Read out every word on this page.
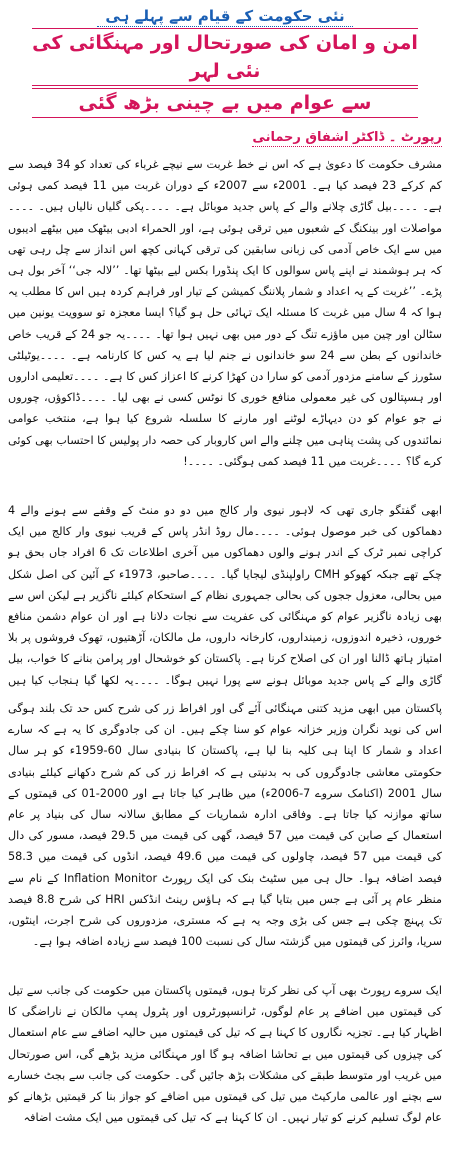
نئی حکومت کے قیام سے پہلے ہی
امن و امان کی صورتحال اور مہنگائی کی نئی لہر
سے عوام میں بے چینی بڑھ گئی
رپورٹ ۔ ڈاکٹر اشفاق رحمانی

مشرف حکومت کا دعویٰ ہے کہ اس نے خط غربت سے نیچے غرباء کی تعداد کو 34 فیصد سے کم کرکے 23 فیصد کیا ہے۔ 2001ء سے 2007ء کے دوران غربت میں 11 فیصد کمی ہوئی ہے۔ ۔۔۔۔بیل گاڑی چلانے والے کے پاس جدید موبائل ہے۔ ۔۔۔۔پکی گلیاں نالیاں ہیں۔ ۔۔۔۔مواصلات اور بینکنگ کے شعبوں میں ترقی ہوئی ہے، اور الحمراء ادبی بیٹھک میں بیٹھے ادیبوں میں سے ایک خاص آدمی کی زبانی سابقین کی ترقی کہانی کچھ اس انداز سے چل رہی تھی کہ ہر ہوشمند نے اپنے پاس سوالوں کا ایک پنڈورا بکس لیے بیٹھا تھا۔ ’’لالہ جی‘‘ آخر بول ہی پڑے۔ ’’غربت کے یہ اعداد و شمار پلاننگ کمیشن کے تیار اور فراہم کردہ ہیں اس کا مطلب یہ ہوا کہ 4 سال میں غربت کا مسئلہ ایک تہائی حل ہو گیا؟ ایسا معجزہ تو سوویت یونین میں سٹالن اور چین میں ماؤزے تنگ کے دور میں بھی نہیں ہوا تھا۔ ۔۔۔۔یہ جو 24 کے قریب خاص خاندانوں کے بطن سے 24 سو خاندانوں نے جنم لیا ہے یہ کس کا کارنامہ ہے۔ ۔۔۔۔یوٹیلٹی سٹورز کے سامنے مزدور آدمی کو سارا دن کھڑا کرنے کا اعزاز کس کا ہے۔ ۔۔۔۔تعلیمی اداروں اور ہسپتالوں کی غیر معمولی منافع خوری کا نوٹس کسی نے بھی لیا۔ ۔۔۔۔ڈاکوؤں، چوروں نے جو عوام کو دن دیہاڑے لوٹنے اور مارنے کا سلسلہ شروع کیا ہوا ہے، منتخب عوامی نمائندوں کی پشت پناہی میں چلنے والے اس کاروبار کی حصہ دار پولیس کا احتساب بھی کوئی کرے گا؟ ۔۔۔۔غربت میں 11 فیصد کمی ہوگئی۔ ۔۔۔۔!

ابھی گفتگو جاری تھی کہ لاہور نیوی وار کالج میں دو دو منٹ کے وقفے سے ہونے والے 4 دھماکوں کی خبر موصول ہوئی۔ ۔۔۔۔مال روڈ انڈر پاس کے قریب نیوی وار کالج میں ایک کراچی نمبر ٹرک کے اندر ہونے والوں دھماکوں میں آخری اطلاعات تک 6 افراد جاں بحق ہو چکے تھے جبکہ کھوکو CMH راولپنڈی لیجایا گیا۔ ۔۔۔۔صاحبو، 1973ء کے آئین کی اصل شکل میں بحالی، معزول ججوں کی بحالی جمہوری نظام کے استحکام کیلئے ناگزیر ہے لیکن اس سے بھی زیادہ ناگزیر عوام کو مہنگائی کی عفریت سے نجات دلانا ہے اور ان عوام دشمن منافع خوروں، ذخیرہ اندوزوں، زمینداروں، کارخانہ داروں، مل مالکان، آڑھتیوں، تھوک فروشوں پر بلا امتیاز ہاتھ ڈالنا اور ان کی اصلاح کرنا ہے۔ پاکستان کو خوشحال اور پرامن بنانے کا خواب، بیل گاڑی والے کے پاس جدید موبائل ہونے سے پورا نہیں ہوگا۔ ۔۔۔۔یہ لکھا گیا ہنجاب کیا ہیں

پاکستان میں ابھی مزید کتنی مہنگائی آئے گی اور افراط زر کی شرح کس حد تک بلند ہوگی اس کی نوید نگران وزیر خزانہ عوام کو سنا چکے ہیں۔ ان کی جادوگری کا یہ ہے کہ سارے اعداد و شمار کا اپنا ہی کلیہ بنا لیا ہے، پاکستان کا بنیادی سال 60-1959ء کو ہر سال حکومتی معاشی جادوگروں کی بہ بدنیتی ہے کہ افراط زر کی کم شرح دکھانے کیلئے بنیادی سال 2001 (اکنامک سروے 7-2006ء) میں ظاہر کیا جاتا ہے اور 2000-01 کی قیمتوں کے ساتھ موازنہ کیا جاتا ہے۔ وفاقی ادارہ شماریات کے مطابق سالانہ سال کی بنیاد پر عام استعمال کے صابن کی قیمت میں 57 فیصد، گھی کی قیمت میں 29.5 فیصد، مسور کی دال کی قیمت میں 57 فیصد، چاولوں کی قیمت میں 49.6 فیصد، انڈوں کی قیمت میں 58.3 فیصد اضافہ ہوا۔ حال ہی میں سٹیٹ بنک کی ایک رپورٹ Inflation Monitor کے نام سے منظر عام پر آئی ہے جس میں بتایا گیا ہے کہ ہاؤس رینٹ انڈکس HRI کی شرح 8.8 فیصد تک پہنچ چکی ہے جس کی بڑی وجہ یہ ہے کہ مستری، مزدوروں کی شرح اجرت، اینٹوں، سریا، وائرز کی قیمتوں میں گزشتہ سال کی نسبت 100 فیصد سے زیادہ اضافہ ہوا ہے۔

ایک سروے رپورٹ بھی آپ کی نظر کرتا ہوں، قیمتوں پاکستان میں حکومت کی جانب سے تیل کی قیمتوں میں اضافے پر عام لوگوں، ٹرانسپورٹروں اور پٹرول پمپ مالکان نے ناراضگی کا اظہار کیا ہے۔ تجزیہ نگاروں کا کہنا ہے کہ تیل کی قیمتوں میں حالیہ اضافے سے عام استعمال کی چیزوں کی قیمتوں میں بے تحاشا اضافہ ہو گا اور مہنگائی مزید بڑھے گی، اس صورتحال میں غریب اور متوسط طبقے کی مشکلات بڑھ جائیں گی۔ حکومت کی جانب سے بجٹ خسارے سے بچنے اور عالمی مارکیٹ میں تیل کی قیمتوں میں اضافے کو جواز بنا کر قیمتیں بڑھانے کو عام لوگ تسلیم کرنے کو تیار نہیں۔ ان کا کہنا ہے کہ تیل کی قیمتوں میں ایک مشت اضافہ
